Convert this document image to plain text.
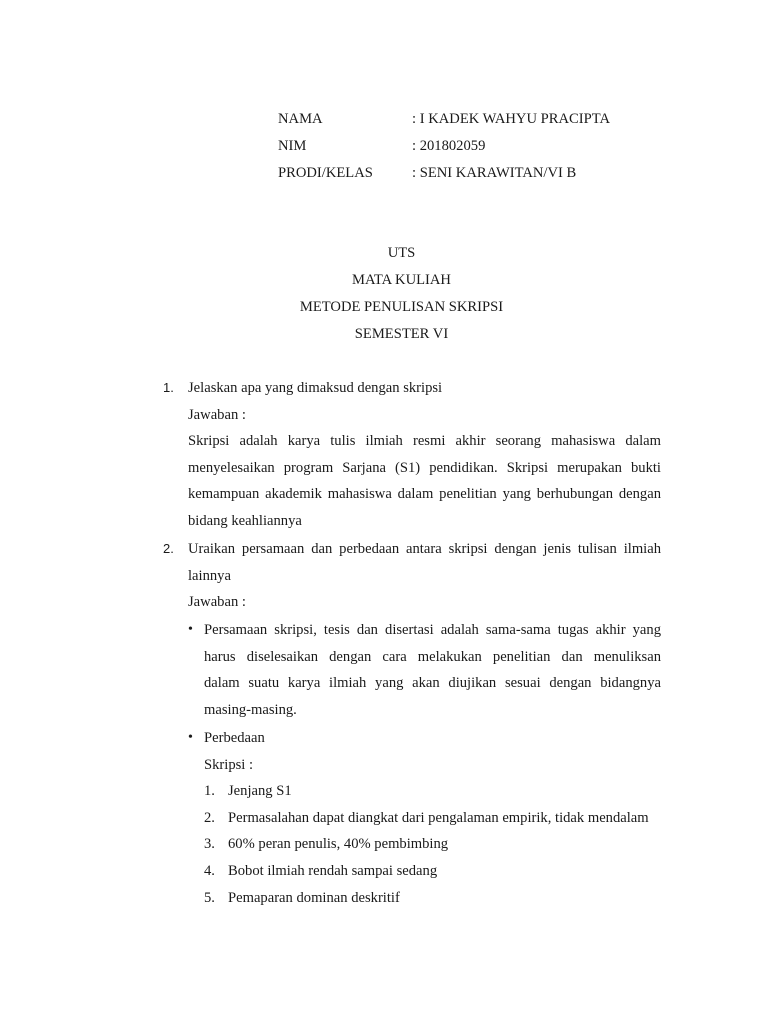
NAMA	: I KADEK WAHYU PRACIPTA
NIM	: 201802059
PRODI/KELAS	: SENI KARAWITAN/VI B
UTS
MATA KULIAH
METODE PENULISAN SKRIPSI
SEMESTER VI
1. Jelaskan apa yang dimaksud dengan skripsi
Jawaban :
Skripsi adalah karya tulis ilmiah resmi akhir seorang mahasiswa dalam
menyelesaikan program Sarjana (S1) pendidikan. Skripsi merupakan bukti
kemampuan akademik mahasiswa dalam penelitian yang berhubungan dengan
bidang keahliannya
2. Uraikan persamaan dan perbedaan antara skripsi dengan jenis tulisan ilmiah
lainnya
Jawaban :
• Persamaan skripsi, tesis dan disertasi adalah sama-sama tugas akhir yang
harus diselesaikan dengan cara melakukan penelitian dan menuliksan
dalam suatu karya ilmiah yang akan diujikan sesuai dengan bidangnya
masing-masing.
• Perbedaan
Skripsi :
1. Jenjang S1
2. Permasalahan dapat diangkat dari pengalaman empirik, tidak mendalam
3. 60% peran penulis, 40% pembimbing
4. Bobot ilmiah rendah sampai sedang
5. Pemaparan dominan deskritif
